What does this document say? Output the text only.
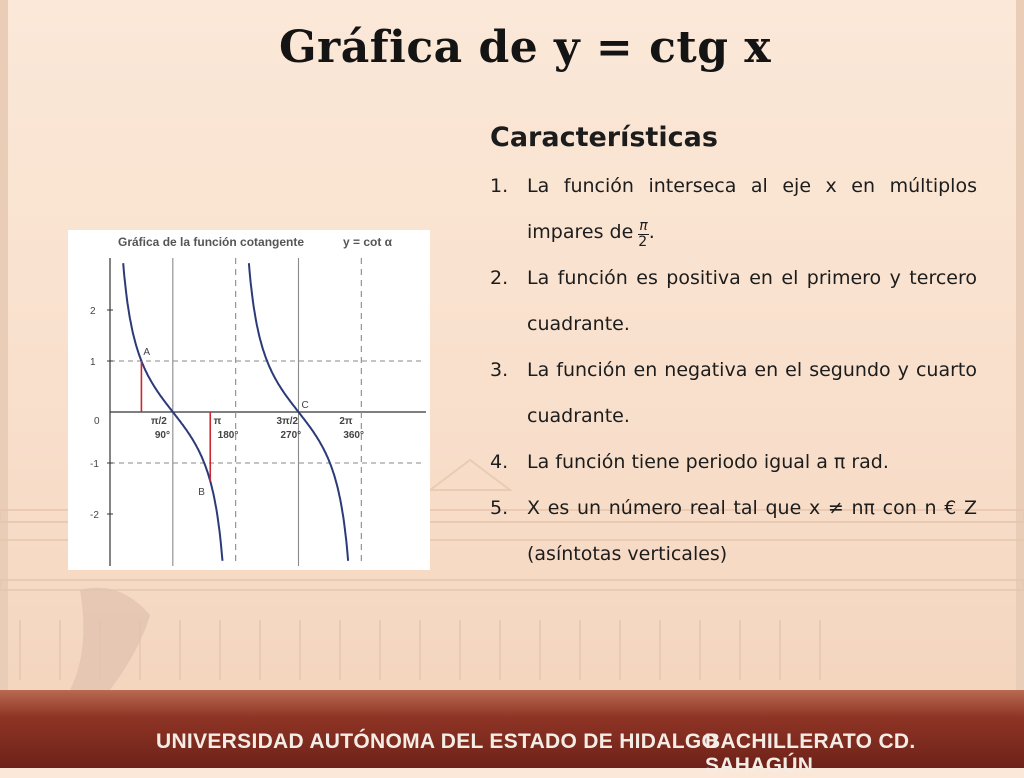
Gráfica de y = ctg x
Gráfica de la función cotangente	y = cot α
2
1
-1
-2
0	π/2
90°
π
180°
3π/2
270°
2π
360°
A
B
C
Características
1. La función interseca al eje x en múltiplos impares de $\frac{\pi}{2}$ .
2. La función es positiva en el primero y tercero cuadrante.
3. La función en negativa en el segundo y cuarto cuadrante.
4. La función tiene periodo igual a π rad.
5. X es un número real tal que x ≠ nπ con n € Z (asíntotas verticales)
UNIVERSIDAD AUTÓNOMA DEL ESTADO DE HIDALGO
BACHILLERATO CD. SAHAGÚN
